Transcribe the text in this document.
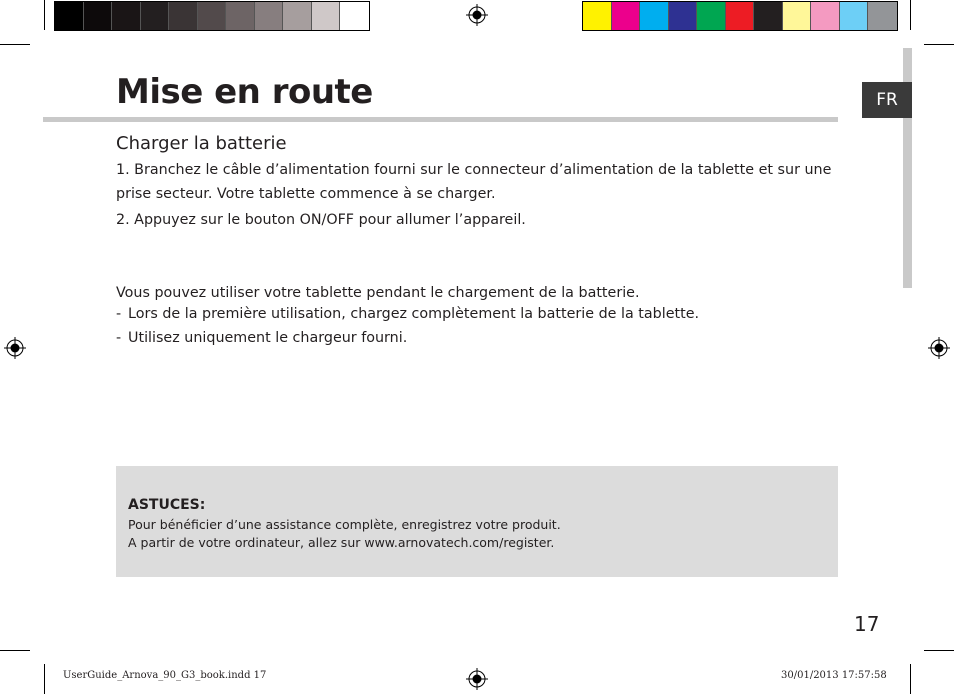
FR
Mise en route
Charger la batterie

1. Branchez le câble d’alimentation fourni sur le connecteur d’alimentation de la tablette et sur une prise secteur. Votre tablette commence à se charger.

2. Appuyez sur le bouton ON/OFF pour allumer l’appareil.

Vous pouvez utiliser votre tablette pendant le chargement de la batterie.

- Lors de la première utilisation, chargez complètement la batterie de la tablette.
- Utilisez uniquement le chargeur fourni.
ASTUCES:
Pour bénéficier d’une assistance complète, enregistrez votre produit.
A partir de votre ordinateur, allez sur www.arnovatech.com/register.
17
UserGuide_Arnova_90_G3_book.indd 17	30/01/2013 17:57:58
